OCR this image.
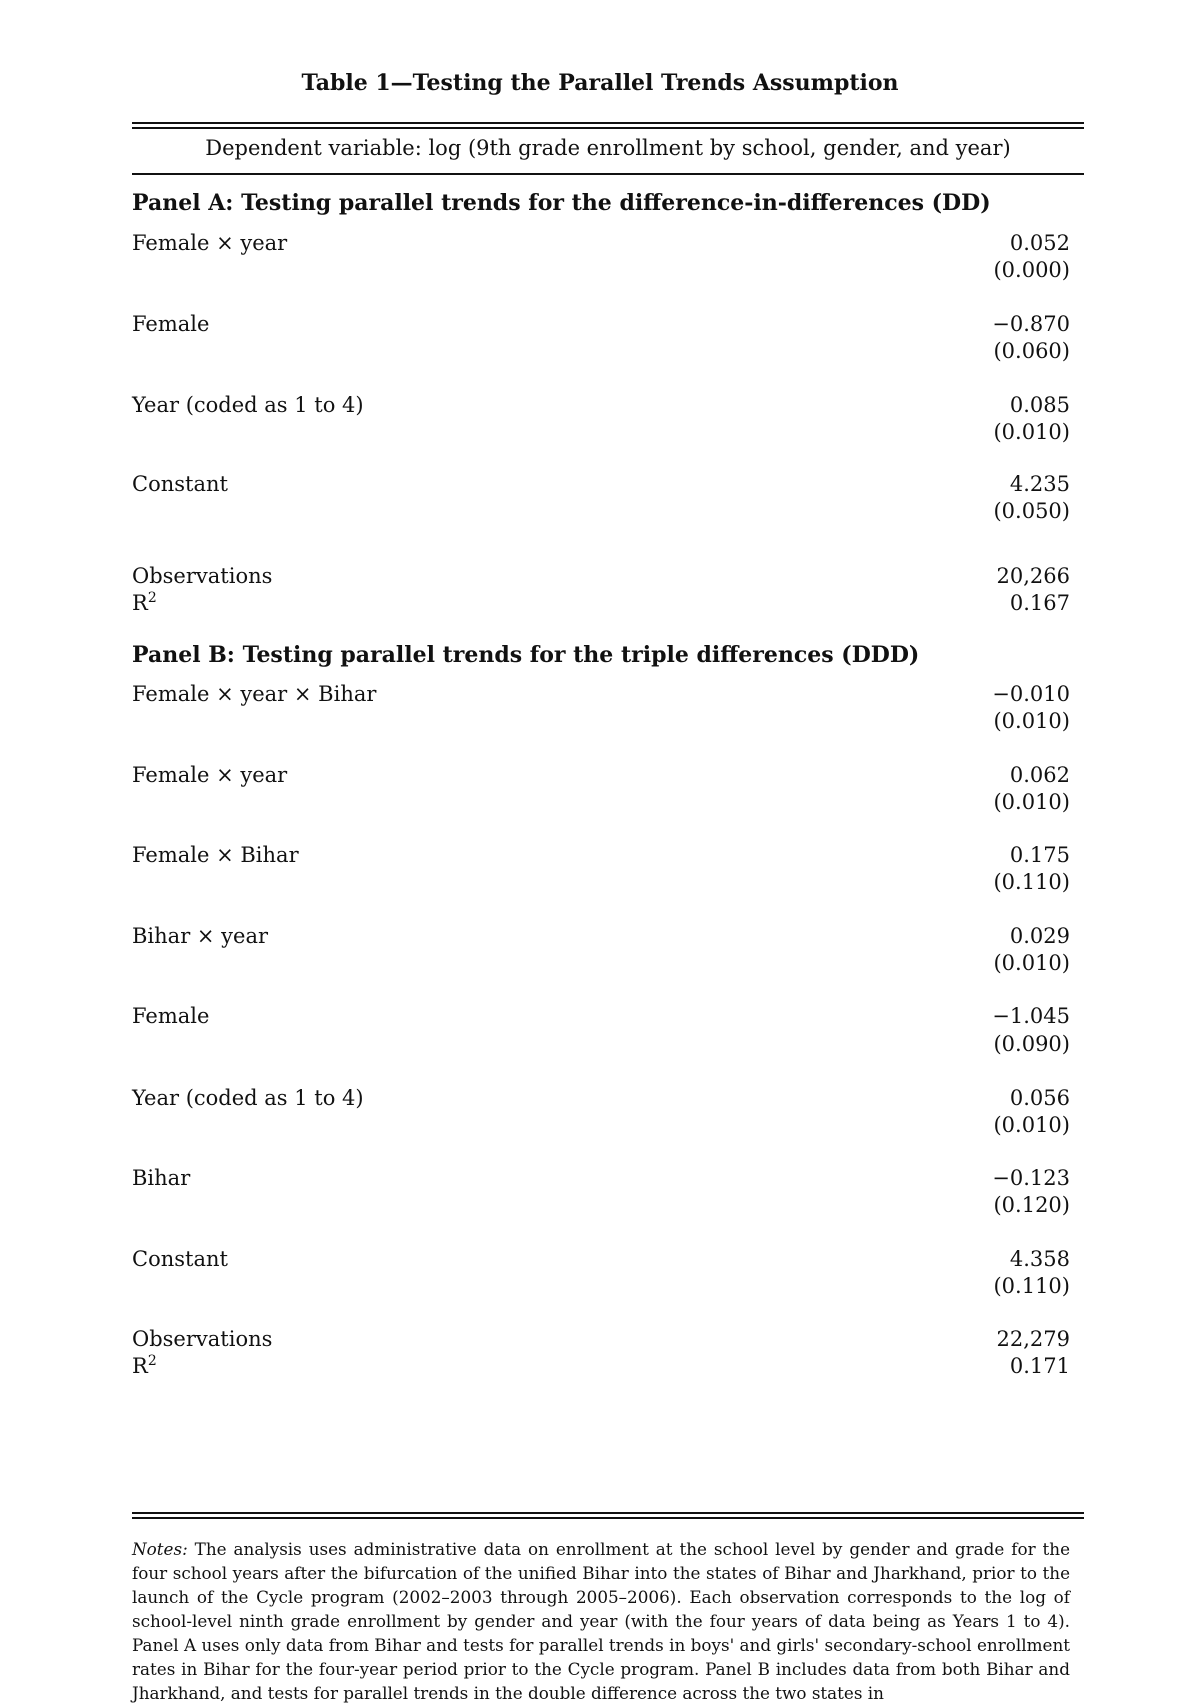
Table 1—Testing the Parallel Trends Assumption
Dependent variable: log (9th grade enrollment by school, gender, and year)
Panel A: Testing parallel trends for the difference-in-differences (DD)
Female × year	0.052
(0.000)
Female	−0.870
(0.060)
Year (coded as 1 to 4)	0.085
(0.010)
Constant	4.235
(0.050)
Observations	20,266
$R^2$	0.167
Panel B: Testing parallel trends for the triple differences (DDD)
Female × year × Bihar	−0.010
(0.010)
Female × year	0.062
(0.010)
Female × Bihar	0.175
(0.110)
Bihar × year	0.029
(0.010)
Female	−1.045
(0.090)
Year (coded as 1 to 4)	0.056
(0.010)
Bihar	−0.123
(0.120)
Constant	4.358
(0.110)
Observations	22,279
$R^2$	0.171
Notes: The analysis uses administrative data on enrollment at the school level by gender and grade for the four school years after the bifurcation of the unified Bihar into the states of Bihar and Jharkhand, prior to the launch of the Cycle program (2002–2003 through 2005–2006). Each observation corresponds to the log of school-level ninth grade enrollment by gender and year (with the four years of data being as Years 1 to 4). Panel A uses only data from Bihar and tests for parallel trends in boys' and girls' secondary-school enrollment rates in Bihar for the four-year period prior to the Cycle program. Panel B includes data from both Bihar and Jharkhand, and tests for parallel trends in the double difference across the two states in
